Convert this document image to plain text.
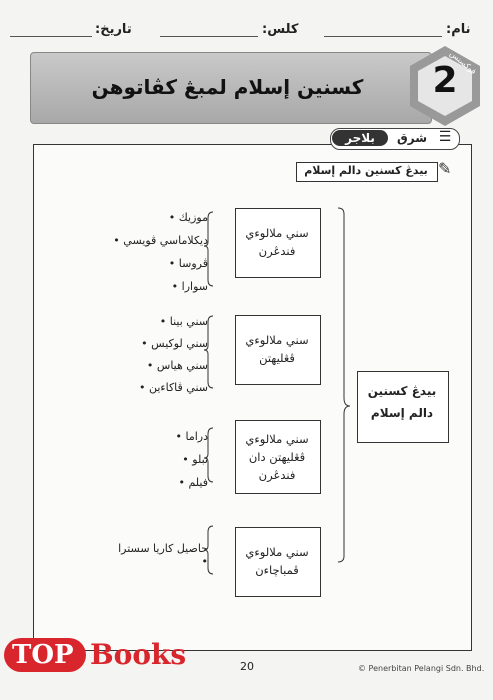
نام:
کلس:
تاريخ:
كسنين إسلام لمبڠ كڤاتوهن	2
فوكسنس
بلاجر	شرق ☰
بيدڠ كسنين دالم إسلام ✎
بيدڠ كسنين
دالم إسلام
سني ملالوءي
فندڠرن
موزيك •
ديكلاماسي ڤويسي •
ڤروسا •
سوارا •
سني ملالوءي
ڤڠليهتن
سني بينا •
سني لوكيس •
سني هياس •
سني ڤاكاءين •
سني ملالوءي
ڤڠليهتن دان
فندڠرن
دراما •
تبلو •
فيلم •
سني ملالوءي
ڤمباچاءن
حاصيل كاريا سسترا •
20	© Penerbitan Pelangi Sdn. Bhd.
TOP Books
